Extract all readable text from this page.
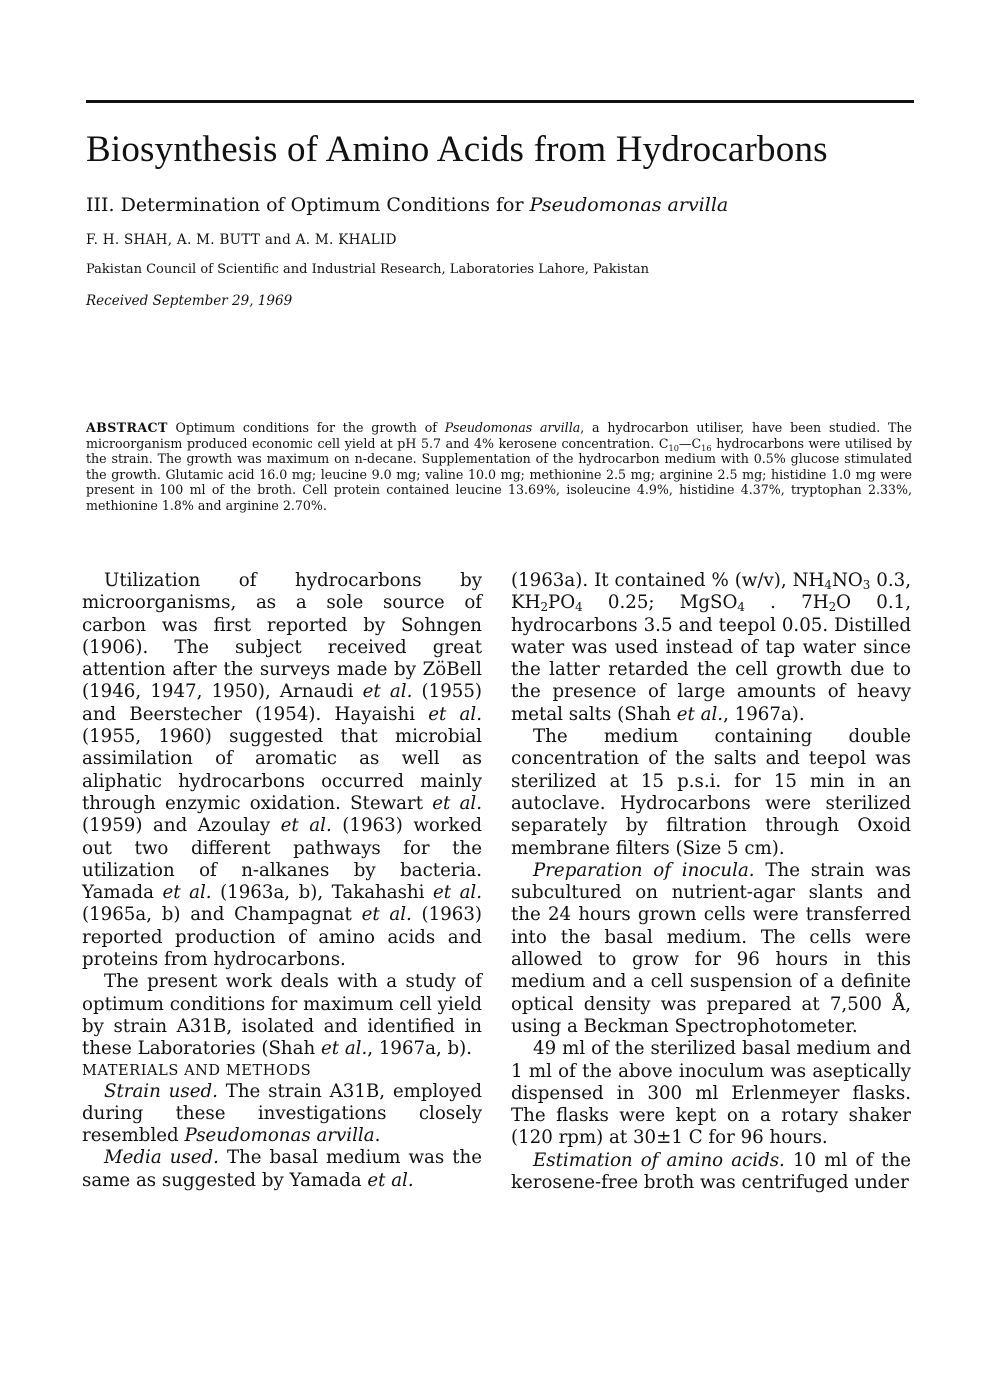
Biosynthesis of Amino Acids from Hydrocarbons
III. Determination of Optimum Conditions for Pseudomonas arvilla
F. H. SHAH, A. M. BUTT and A. M. KHALID
Pakistan Council of Scientific and Industrial Research, Laboratories Lahore, Pakistan
Received September 29, 1969

ABSTRACT Optimum conditions for the growth of Pseudomonas arvilla, a hydrocarbon utiliser, have been studied. The microorganism produced economic cell yield at pH 5.7 and 4% kerosene concentration. $C_{10}—C_{16}$ hydrocarbons were utilised by the strain. The growth was maximum on n-decane. Supplementation of the hydrocarbon medium with 0.5% glucose stimulated the growth. Glutamic acid 16.0 mg; leucine 9.0 mg; valine 10.0 mg; methionine 2.5 mg; arginine 2.5 mg; histidine 1.0 mg were present in 100 ml of the broth. Cell protein contained leucine 13.69%, isoleucine 4.9%, histidine 4.37%, tryptophan 2.33%, methionine 1.8% and arginine 2.70%.

Utilization of hydrocarbons by microorganisms, as a sole source of carbon was first reported by Sohngen (1906). The subject received great attention after the surveys made by ZöBell (1946, 1947, 1950), Arnaudi et al. (1955) and Beerstecher (1954). Hayaishi et al. (1955, 1960) suggested that microbial assimilation of aromatic as well as aliphatic hydrocarbons occurred mainly through enzymic oxidation. Stewart et al. (1959) and Azoulay et al. (1963) worked out two different pathways for the utilization of n-alkanes by bacteria. Yamada et al. (1963a, b), Takahashi et al. (1965a, b) and Champagnat et al. (1963) reported production of amino acids and proteins from hydrocarbons.

The present work deals with a study of optimum conditions for maximum cell yield by strain A31B, isolated and identified in these Laboratories (Shah et al., 1967a, b).

MATERIALS AND METHODS

Strain used. The strain A31B, employed during these investigations closely resembled Pseudomonas arvilla.

Media used. The basal medium was the same as suggested by Yamada et al.

(1963a). It contained % (w/v), $NH_4NO_3$ 0.3, $KH_2PO_4$ 0.25; MgSO$_4$ . $7H_2O$ 0.1, hydrocarbons 3.5 and teepol 0.05. Distilled water was used instead of tap water since the latter retarded the cell growth due to the presence of large amounts of heavy metal salts (Shah et al., 1967a).

The medium containing double concentration of the salts and teepol was sterilized at 15 p.s.i. for 15 min in an autoclave. Hydrocarbons were sterilized separately by filtration through Oxoid membrane filters (Size 5 cm).

Preparation of inocula. The strain was subcultured on nutrient-agar slants and the 24 hours grown cells were transferred into the basal medium. The cells were allowed to grow for 96 hours in this medium and a cell suspension of a definite optical density was prepared at 7,500 Å, using a Beckman Spectrophotometer.

49 ml of the sterilized basal medium and 1 ml of the above inoculum was aseptically dispensed in 300 ml Erlenmeyer flasks. The flasks were kept on a rotary shaker (120 rpm) at 30±1 C for 96 hours.

Estimation of amino acids. 10 ml of the kerosene-free broth was centrifuged under
